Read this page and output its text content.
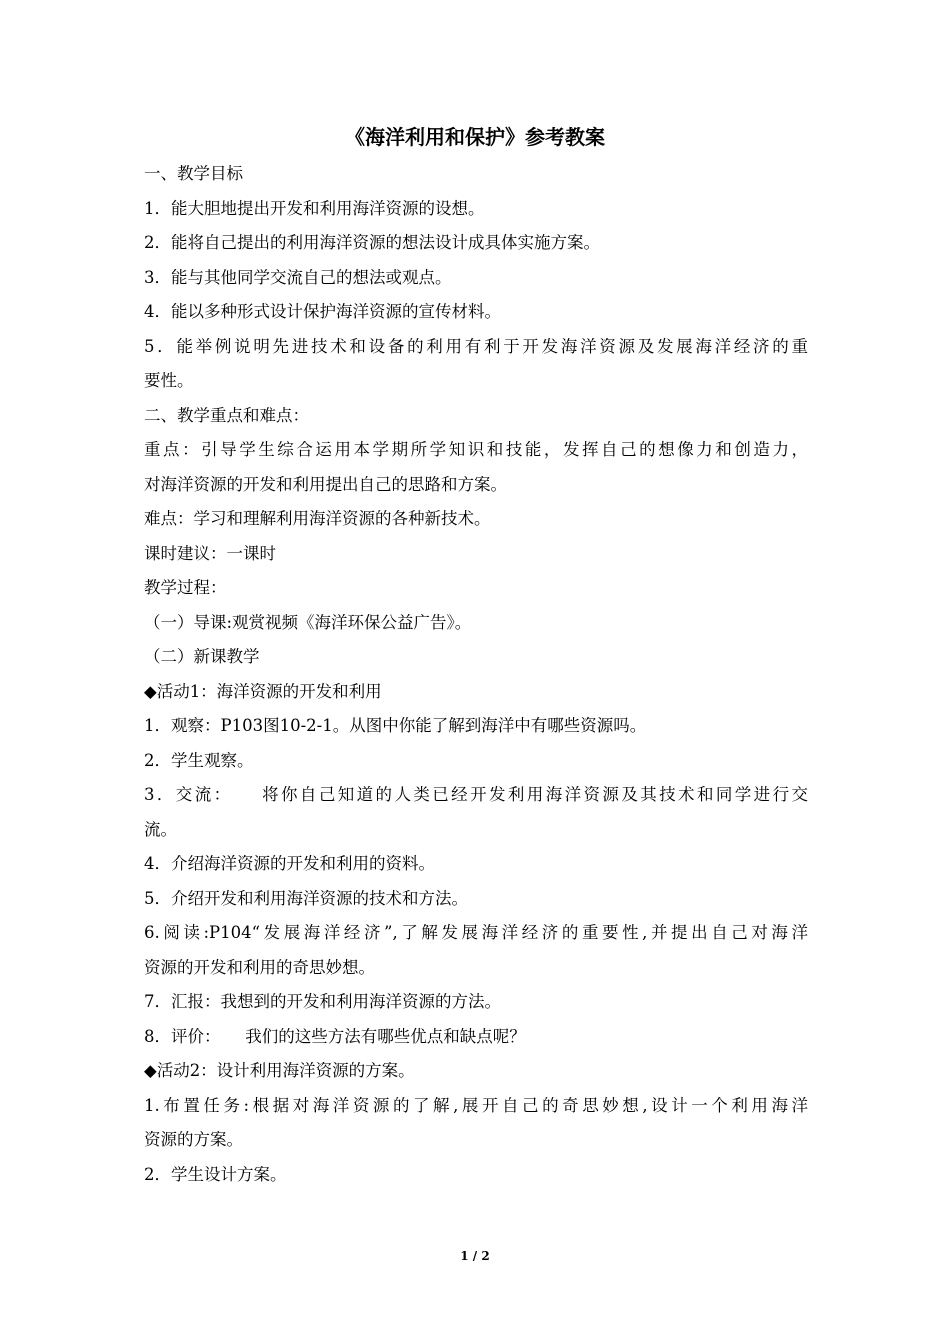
《海洋利用和保护》参考教案
一、教学目标
1．能大胆地提出开发和利用海洋资源的设想。
2．能将自己提出的利用海洋资源的想法设计成具体实施方案。
3．能与其他同学交流自己的想法或观点。
4．能以多种形式设计保护海洋资源的宣传材料。
5．能举例说明先进技术和设备的利用有利于开发海洋资源及发展海洋经济的重
要性。
二、教学重点和难点：
重点：引导学生综合运用本学期所学知识和技能，发挥自己的想像力和创造力，
对海洋资源的开发和利用提出自己的思路和方案。
难点：学习和理解利用海洋资源的各种新技术。
课时建议：一课时
教学过程：
（一）导课:观赏视频《海洋环保公益广告》。
（二）新课教学
◆活动1：海洋资源的开发和利用
1．观察：P103图10-2-1。从图中你能了解到海洋中有哪些资源吗。
2．学生观察。
3．交流：　　将你自己知道的人类已经开发利用海洋资源及其技术和同学进行交
流。
4．介绍海洋资源的开发和利用的资料。
5．介绍开发和利用海洋资源的技术和方法。
6.阅读:P104“发展海洋经济”,了解发展海洋经济的重要性,并提出自己对海洋
资源的开发和利用的奇思妙想。
7．汇报：我想到的开发和利用海洋资源的方法。
8．评价：　　我们的这些方法有哪些优点和缺点呢？
◆活动2：设计利用海洋资源的方案。
1.布置任务:根据对海洋资源的了解,展开自己的奇思妙想,设计一个利用海洋
资源的方案。
2．学生设计方案。
1 / 2
